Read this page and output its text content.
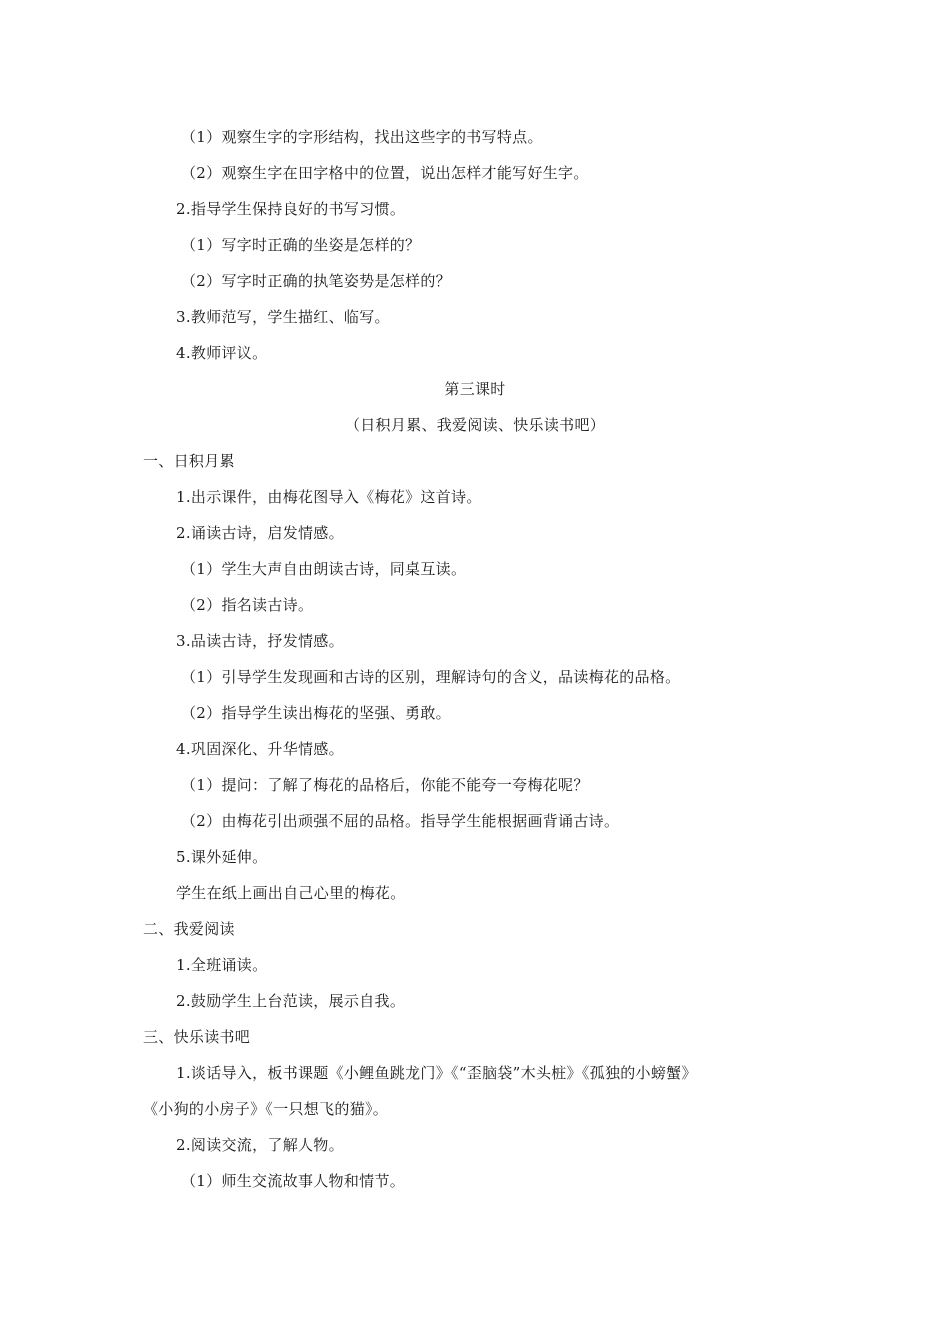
（1）观察生字的字形结构，找出这些字的书写特点。
（2）观察生字在田字格中的位置，说出怎样才能写好生字。
2.指导学生保持良好的书写习惯。
（1）写字时正确的坐姿是怎样的？
（2）写字时正确的执笔姿势是怎样的？
3.教师范写，学生描红、临写。
4.教师评议。
第三课时
（日积月累、我爱阅读、快乐读书吧）
一、日积月累
1.出示课件，由梅花图导入《梅花》这首诗。
2.诵读古诗，启发情感。
（1）学生大声自由朗读古诗，同桌互读。
（2）指名读古诗。
3.品读古诗，抒发情感。
（1）引导学生发现画和古诗的区别，理解诗句的含义，品读梅花的品格。
（2）指导学生读出梅花的坚强、勇敢。
4.巩固深化、升华情感。
（1）提问：了解了梅花的品格后，你能不能夸一夸梅花呢？
（2）由梅花引出顽强不屈的品格。指导学生能根据画背诵古诗。
5.课外延伸。
学生在纸上画出自己心里的梅花。
二、我爱阅读
1.全班诵读。
2.鼓励学生上台范读，展示自我。
三、快乐读书吧
1.谈话导入，板书课题《小鲤鱼跳龙门》《“歪脑袋”木头桩》《孤独的小螃蟹》
《小狗的小房子》《一只想飞的猫》。
2.阅读交流，了解人物。
（1）师生交流故事人物和情节。
